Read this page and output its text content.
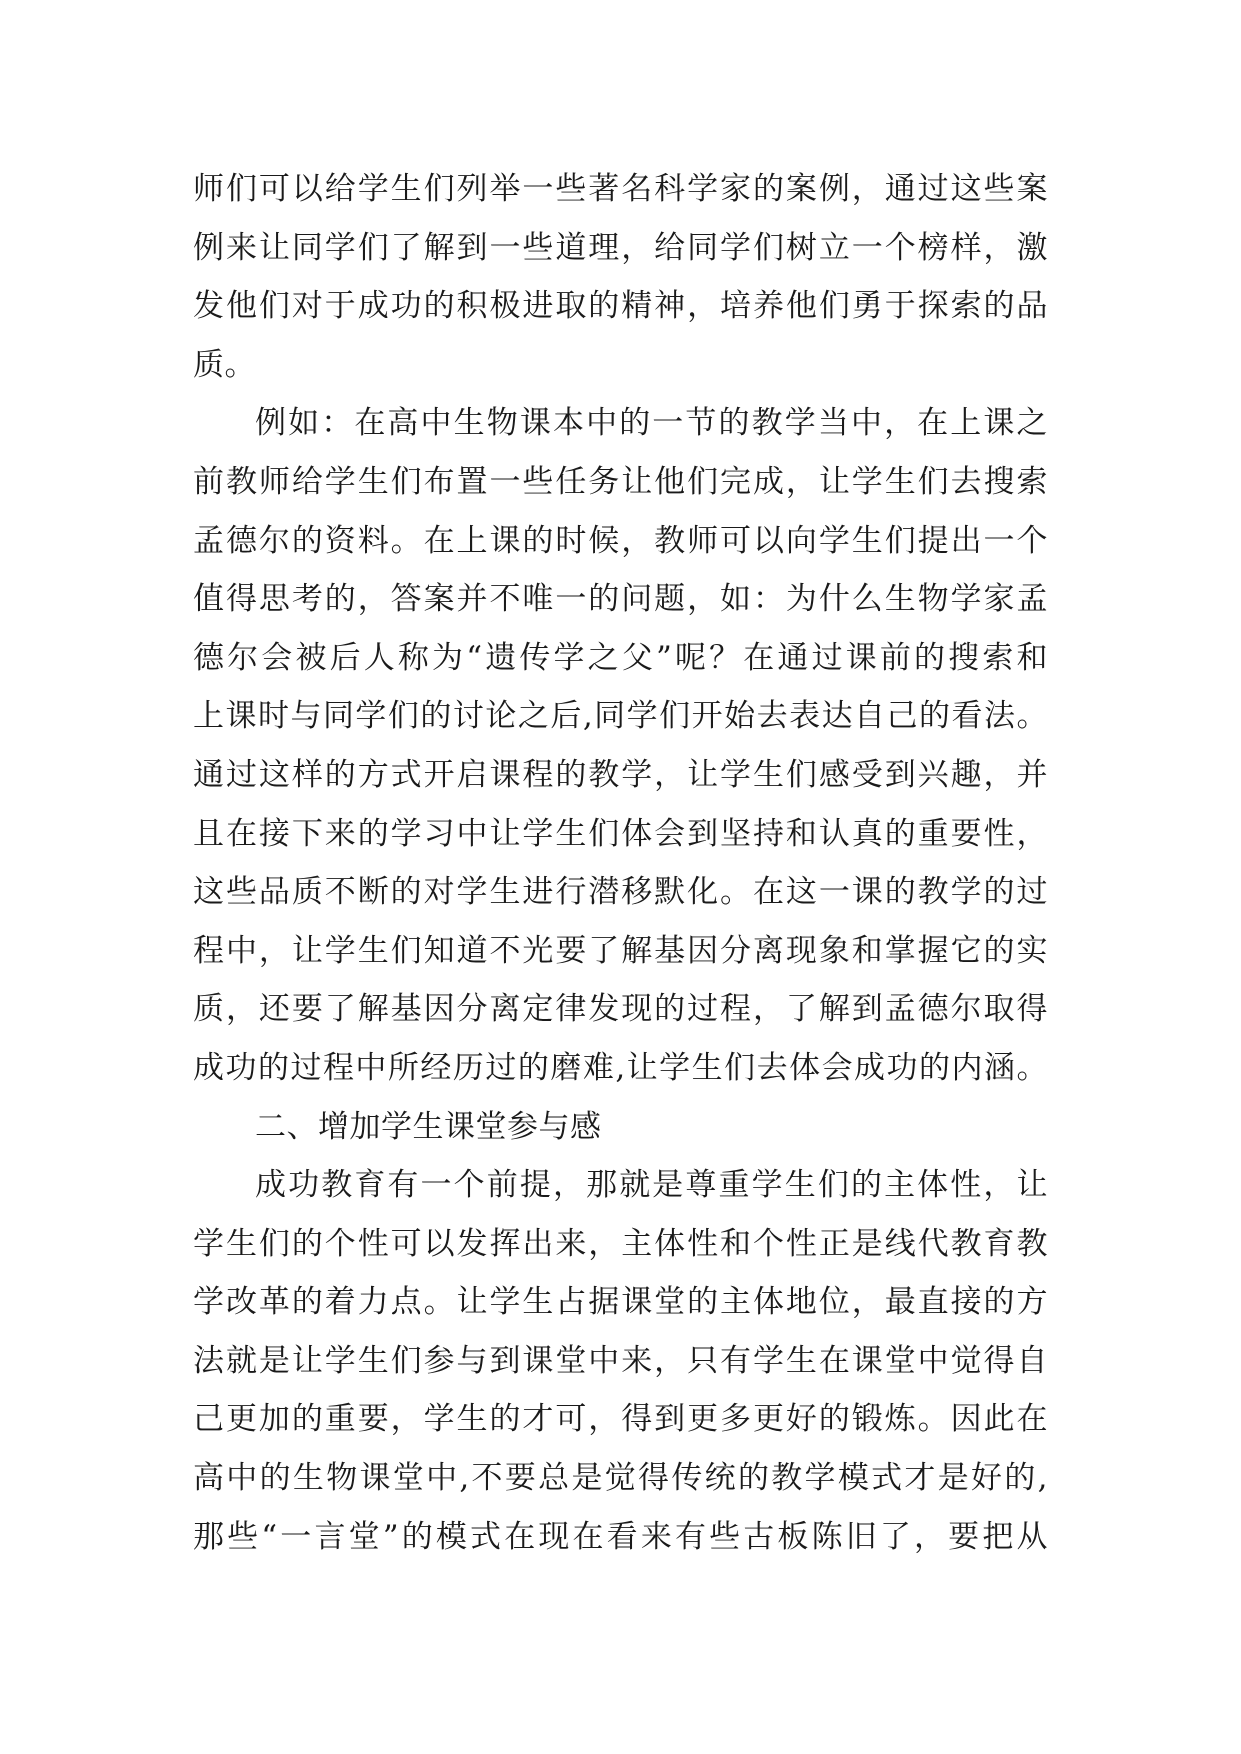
师们可以给学生们列举一些著名科学家的案例，通过这些案
例来让同学们了解到一些道理，给同学们树立一个榜样，激
发他们对于成功的积极进取的精神，培养他们勇于探索的品
质。
例如：在高中生物课本中的一节的教学当中，在上课之
前教师给学生们布置一些任务让他们完成，让学生们去搜索
孟德尔的资料。在上课的时候，教师可以向学生们提出一个
值得思考的，答案并不唯一的问题，如：为什么生物学家孟
德尔会被后人称为“遗传学之父”呢？在通过课前的搜索和
上课时与同学们的讨论之后,同学们开始去表达自己的看法。
通过这样的方式开启课程的教学，让学生们感受到兴趣，并
且在接下来的学习中让学生们体会到坚持和认真的重要性，
这些品质不断的对学生进行潜移默化。在这一课的教学的过
程中，让学生们知道不光要了解基因分离现象和掌握它的实
质，还要了解基因分离定律发现的过程，了解到孟德尔取得
成功的过程中所经历过的磨难,让学生们去体会成功的内涵。
二、增加学生课堂参与感
成功教育有一个前提，那就是尊重学生们的主体性，让
学生们的个性可以发挥出来，主体性和个性正是线代教育教
学改革的着力点。让学生占据课堂的主体地位，最直接的方
法就是让学生们参与到课堂中来，只有学生在课堂中觉得自
己更加的重要，学生的才可，得到更多更好的锻炼。因此在
高中的生物课堂中,不要总是觉得传统的教学模式才是好的,
那些“一言堂”的模式在现在看来有些古板陈旧了，要把从
